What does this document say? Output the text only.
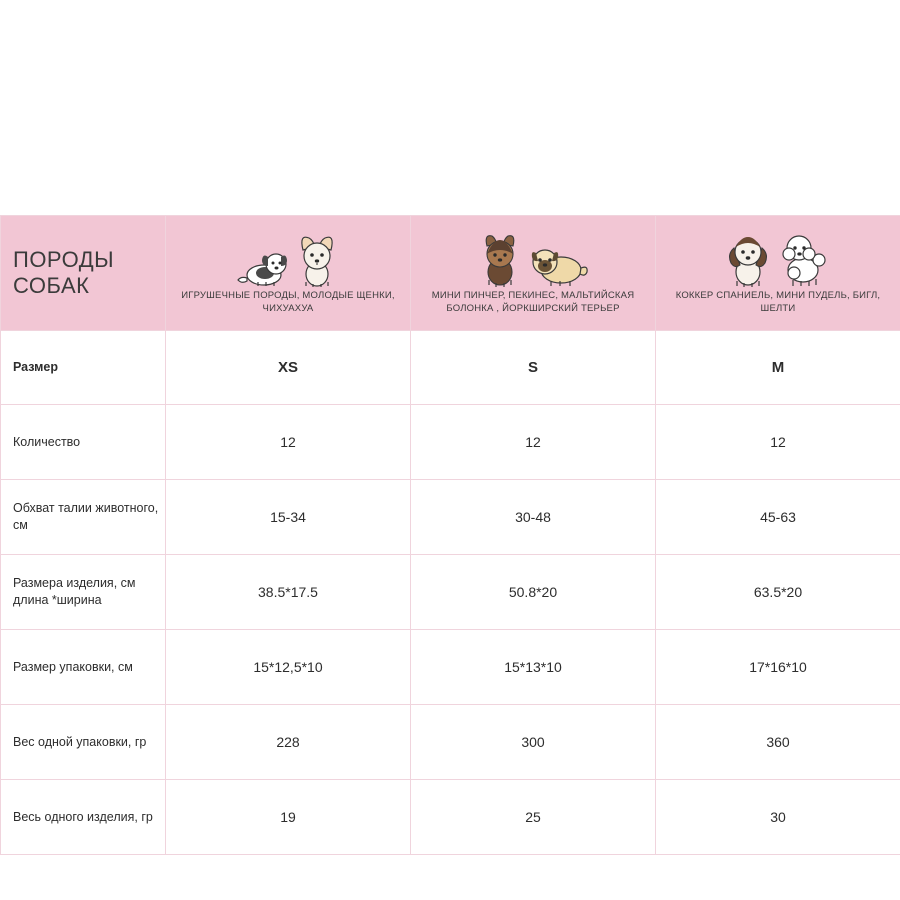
ПОРОДЫ СОБАК	ИГРУШЕЧНЫЕ ПОРОДЫ, МОЛОДЫЕ ЩЕНКИ, ЧИХУАХУА	МИНИ ПИНЧЕР, ПЕКИНЕС, МАЛЬТИЙСКАЯ БОЛОНКА , ЙОРКШИРСКИЙ ТЕРЬЕР	КОККЕР СПАНИЕЛЬ, МИНИ ПУДЕЛЬ, БИГЛ, ШЕЛТИ

Размер	XS	S	M
Количество	12	12	12
Обхват талии животного, см	15-34	30-48	45-63
Размера изделия, см длина *ширина	38.5*17.5	50.8*20	63.5*20
Размер упаковки, см	15*12,5*10	15*13*10	17*16*10
Вес одной упаковки, гр	228	300	360
Весь одного изделия, гр	19	25	30
